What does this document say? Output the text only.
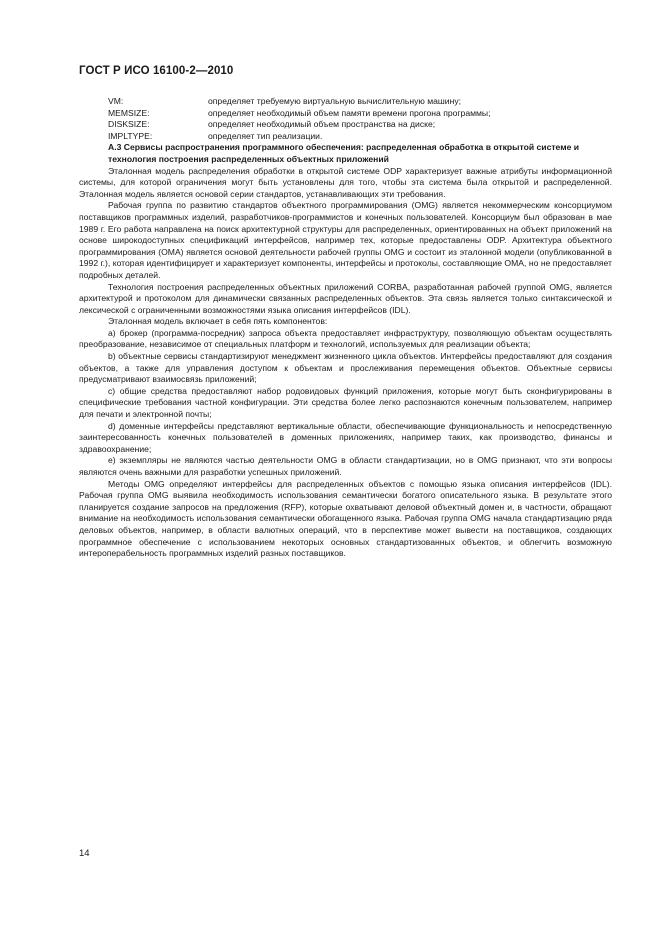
ГОСТ Р ИСО 16100-2—2010
VM:	определяет требуемую виртуальную вычислительную машину;
MEMSIZE:	определяет необходимый объем памяти времени прогона программы;
DISKSIZE:	определяет необходимый объем пространства на диске;
IMPLTYPE:	определяет тип реализации.
А.3 Сервисы распространения программного обеспечения: распределенная обработка в открытой системе и технология построения распределенных объектных приложений

Эталонная модель распределения обработки в открытой системе ODP характеризует важные атрибуты информационной системы, для которой ограничения могут быть установлены для того, чтобы эта система была открытой и распределенной. Эталонная модель является основой серии стандартов, устанавливающих эти требования.

Рабочая группа по развитию стандартов объектного программирования (OMG) является некоммерческим консорциумом поставщиков программных изделий, разработчиков-программистов и конечных пользователей. Консорциум был образован в мае 1989 г. Его работа направлена на поиск архитектурной структуры для распределенных, ориентированных на объект приложений на основе широкодоступных спецификаций интерфейсов, например тех, которые предоставлены ODP. Архитектура объектного программирования (OMA) является основой деятельности рабочей группы OMG и состоит из эталонной модели (опубликованной в 1992 г.), которая идентифицирует и характеризует компоненты, интерфейсы и протоколы, составляющие OMA, но не предоставляет подробных деталей.

Технология построения распределенных объектных приложений CORBA, разработанная рабочей группой OMG, является архитектурой и протоколом для динамически связанных распределенных объектов. Эта связь является только синтаксической и лексической с ограниченными возможностями языка описания интерфейсов (IDL).

Эталонная модель включает в себя пять компонентов:

a) брокер (программа-посредник) запроса объекта предоставляет инфраструктуру, позволяющую объектам осуществлять преобразование, независимое от специальных платформ и технологий, используемых для реализации объекта;

b) объектные сервисы стандартизируют менеджмент жизненного цикла объектов. Интерфейсы предоставляют для создания объектов, а также для управления доступом к объектам и прослеживания перемещения объектов. Объектные сервисы предусматривают взаимосвязь приложений;

c) общие средства предоставляют набор родовидовых функций приложения, которые могут быть сконфигурированы в специфические требования частной конфигурации. Эти средства более легко распознаются конечным пользователем, например для печати и электронной почты;

d) доменные интерфейсы представляют вертикальные области, обеспечивающие функциональность и непосредственную заинтересованность конечных пользователей в доменных приложениях, например таких, как производство, финансы и здравоохранение;

e) экземпляры не являются частью деятельности OMG в области стандартизации, но в OMG признают, что эти вопросы являются очень важными для разработки успешных приложений.

Методы OMG определяют интерфейсы для распределенных объектов с помощью языка описания интерфейсов (IDL). Рабочая группа OMG выявила необходимость использования семантически богатого описательного языка. В результате этого планируется создание запросов на предложения (RFP), которые охватывают деловой объектный домен и, в частности, обращают внимание на необходимость использования семантически обогащенного языка. Рабочая группа OMG начала стандартизацию ряда деловых объектов, например, в области валютных операций, что в перспективе может вывести на поставщиков, создающих программное обеспечение с использованием некоторых основных стандартизованных объектов, и облегчить возможную интероперабельность программных изделий разных поставщиков.

14
